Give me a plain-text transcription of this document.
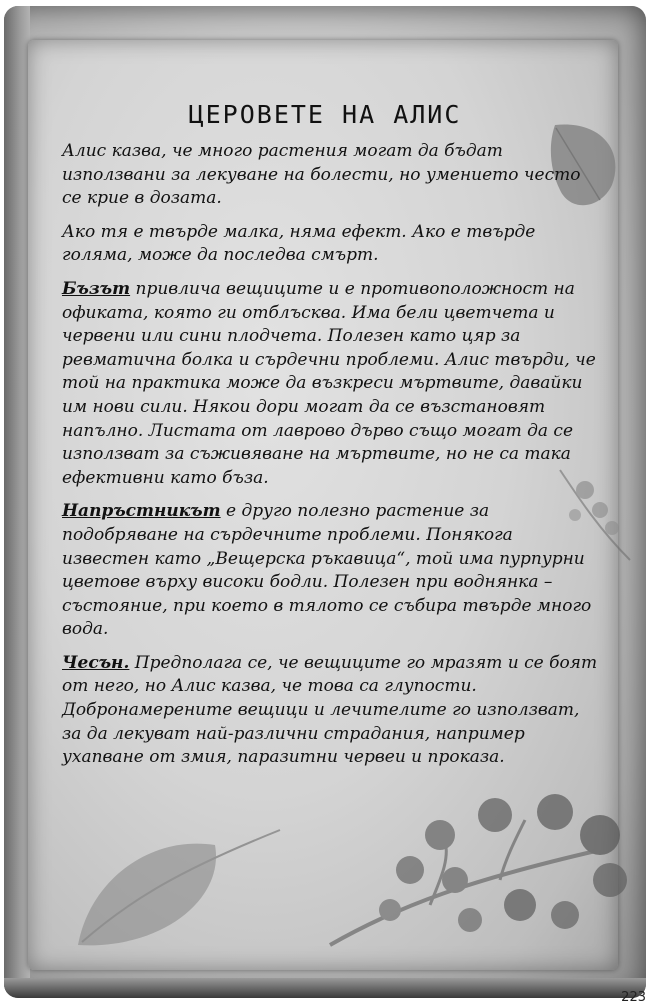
ЦЕРОВЕТЕ НА АЛИС

Алис казва, че много растения могат да бъдат използвани за лекуване на болести, но умението често се крие в дозата.

Ако тя е твърде малка, няма ефект. Ако е твърде голяма, може да последва смърт.

Бъзът привлича вещиците и е противоположност на офиката, която ги отблъсква. Има бели цветчета и червени или сини плодчета. Полезен като цяр за ревматична болка и сърдечни проблеми. Алис твърди, че той на практика може да възкреси мъртвите, давайки им нови сили. Някои дори могат да се възстановят напълно. Листата от лаврово дърво също могат да се използват за съживяване на мъртвите, но не са така ефективни като бъза.

Напръстникът е друго полезно растение за подобряване на сърдечните проблеми. Понякога известен като „Вещерска ръкавица“, той има пурпурни цветове върху високи бодли. Полезен при воднянка – състояние, при което в тялото се събира твърде много вода.

Чесън. Предполага се, че вещиците го мразят и се боят от него, но Алис казва, че това са глупости. Добронамерените вещици и лечителите го използват, за да лекуват най-различни страдания, например ухапване от змия, паразитни червеи и проказа.

223
